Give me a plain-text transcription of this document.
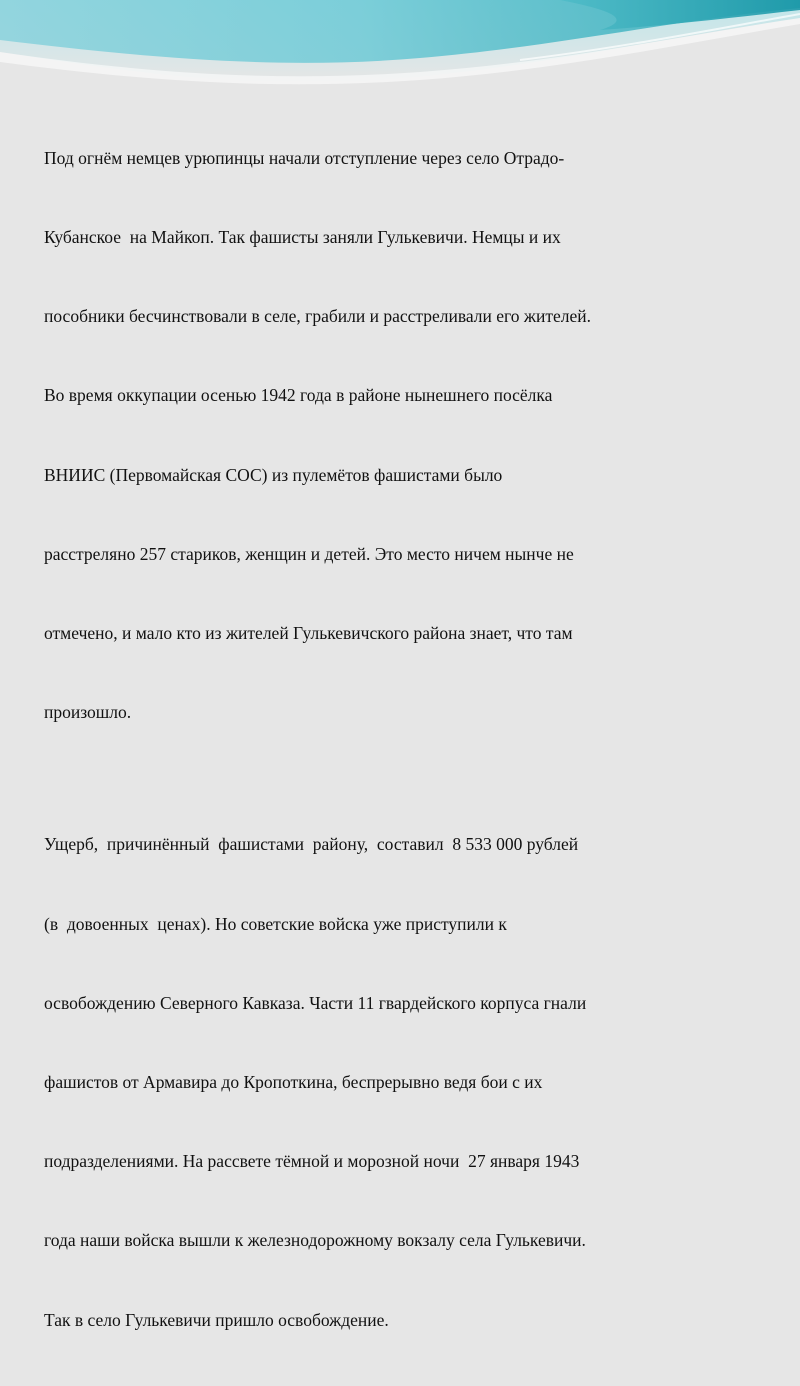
Под огнём немцев урюпинцы начали отступление через село Отрадо-

Кубанское  на Майкоп. Так фашисты заняли Гулькевичи. Немцы и их

пособники бесчинствовали в селе, грабили и расстреливали его жителей.

Во время оккупации осенью 1942 года в районе нынешнего посёлка

ВНИИС (Первомайская СОС) из пулемётов фашистами было

расстреляно 257 стариков, женщин и детей. Это место ничем нынче не

отмечено, и мало кто из жителей Гулькевичского района знает, что там

произошло.

Ущерб,  причинённый  фашистами  району,  составил  8 533 000 рублей

(в  довоенных  ценах). Но советские войска уже приступили к

освобождению Северного Кавказа. Части 11 гвардейского корпуса гнали

фашистов от Армавира до Кропоткина, беспрерывно ведя бои с их

подразделениями. На рассвете тёмной и морозной ночи  27 января 1943

года наши войска вышли к железнодорожному вокзалу села Гулькевичи.

Так в село Гулькевичи пришло освобождение.
